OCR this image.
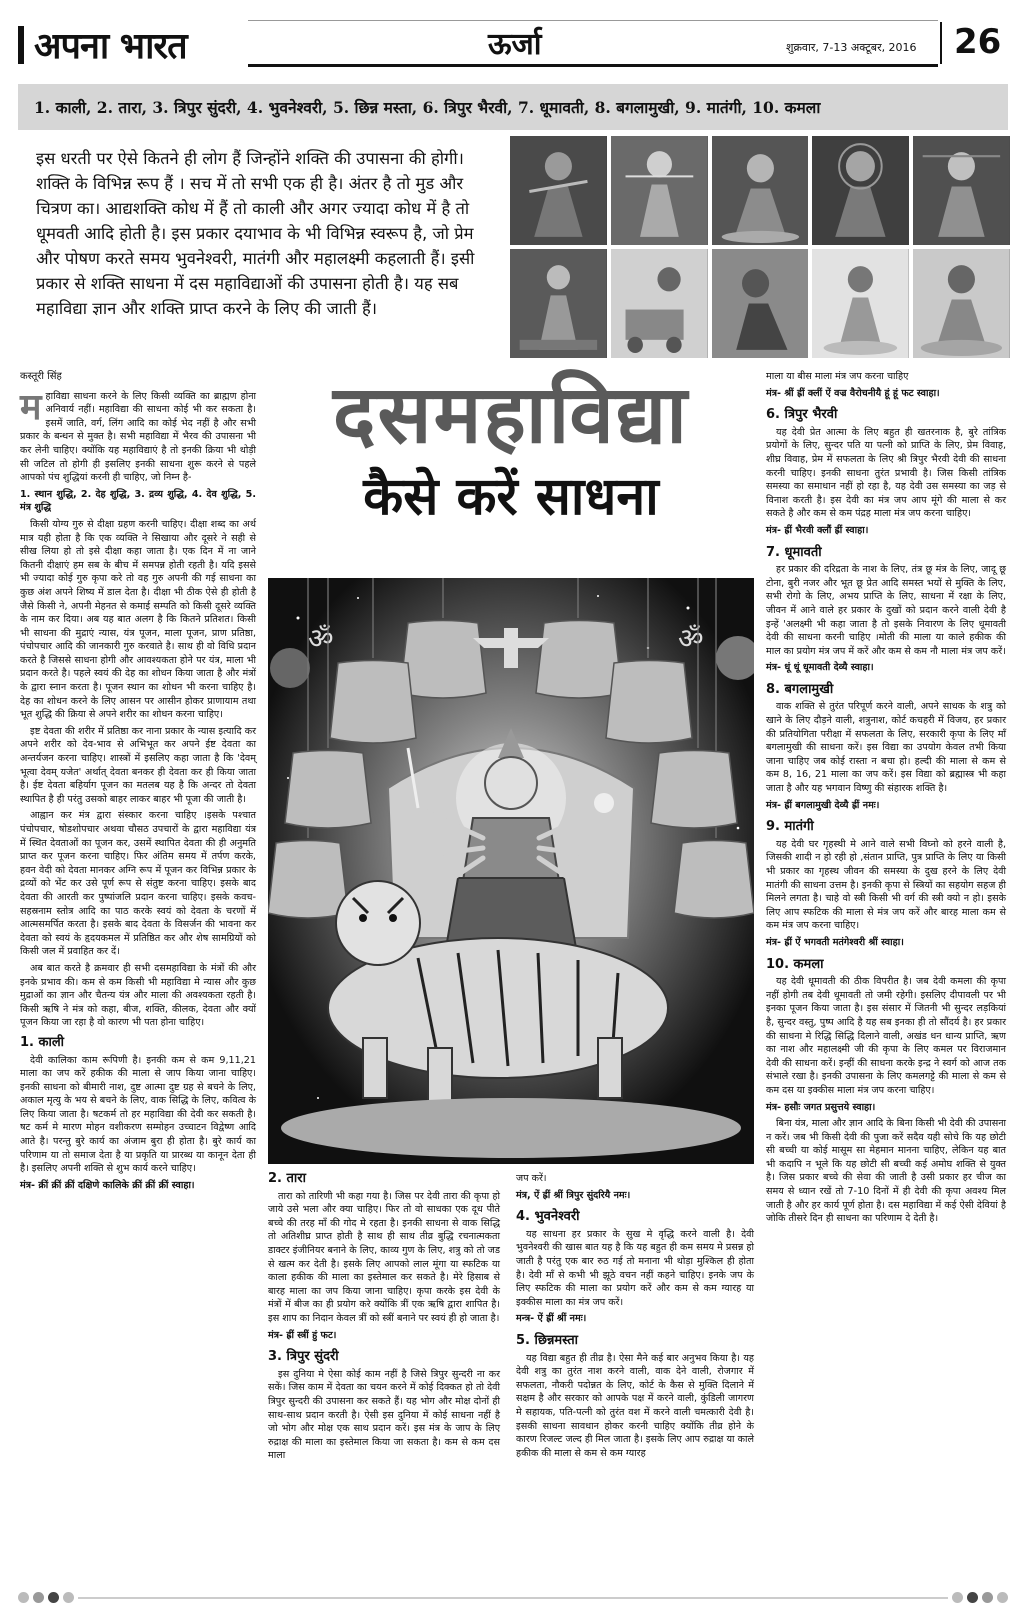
अपना भारत	ऊर्जा	शुक्रवार, 7-13 अक्टूबर, 2016 26
1. काली, 2. तारा, 3. त्रिपुर सुंदरी, 4. भुवनेश्वरी, 5. छिन्न मस्ता, 6. त्रिपुर भैरवी, 7. धूमावती, 8. बगलामुखी, 9. मातंगी, 10. कमला
इस धरती पर ऐसे कितने ही लोग हैं जिन्होंने शक्ति की उपासना की होगी। शक्ति के विभिन्न रूप हैं । सच में तो सभी एक ही है। अंतर है तो मुड और चित्रण का। आद्यशक्ति कोध में हैं तो काली और अगर ज्यादा कोध में है तो धूमवती आदि होती है। इस प्रकार दयाभाव के भी विभिन्न स्वरूप है, जो प्रेम और पोषण करते समय भुवनेश्वरी, मातंगी और महालक्ष्मी कहलाती हैं। इसी प्रकार से शक्ति साधना में दस महाविद्याओं की उपासना होती है। यह सब महाविद्या ज्ञान और शक्ति प्राप्त करने के लिए की जाती हैं।
कस्तूरी सिंह

महाविद्या साधना करने के लिए किसी व्यक्ति का ब्राह्मण होना अनिवार्य नहीं। महाविद्या की साधना कोई भी कर सकता है। इसमें जाति, वर्ग, लिंग आदि का कोई भेद नहीं है और सभी प्रकार के बन्धन से मुक्त है। सभी महाविद्या में भैरव की उपासना भी कर लेनी चाहिए। क्योंकि यह महाविद्याएं है तो इनकी क्रिया भी थोड़ी सी जटिल तो होगी ही इसलिए इनकी साधना शुरू करने से पहले आपको पंच शुद्धियां करनी ही चाहिए, जो निम्न है-

1. स्थान शुद्धि, 2. देह शुद्धि, 3. द्रव्य शुद्धि, 4. देव शुद्धि, 5. मंत्र शुद्धि

किसी योग्य गुरु से दीक्षा ग्रहण करनी चाहिए। दीक्षा शब्द का अर्थ मात्र यही होता है कि एक व्यक्ति ने सिखाया और दूसरे ने सही से सीख लिया हो तो इसे दीक्षा कहा जाता है। एक दिन में ना जाने कितनी दीक्षाएं हम सब के बीच में समपन्न होती रहती है। यदि इससे भी ज्यादा कोई गुरु कृपा करे तो वह गुरु अपनी की गई साधना का कुछ अंश अपने शिष्य में डाल देता है। दीक्षा भी ठीक ऐसे ही होती है जैसे किसी ने, अपनी मेहनत से कमाई सम्पति को किसी दूसरे व्यक्ति के नाम कर दिया। अब यह बात अलग है कि कितने प्रतिशत। किसी भी साधना की मुद्राएं न्यास, यंत्र पूजन, माला पूजन, प्राण प्रतिष्ठा, पंचोपचार आदि की जानकारी गुरु करवाते है। साथ ही वो विधि प्रदान करते है जिससे साधना होगी और आवश्यकता होने पर यंत्र, माला भी प्रदान करते है। पहले स्वयं की देह का शोधन किया जाता है और मंत्रों के द्वारा स्नान करता है। पूजन स्थान का शोधन भी करना चाहिए है। देह का शोधन करने के लिए आसन पर आसीन होकर प्राणायाम तथा भूत शुद्धि की क्रिया से अपने शरीर का शोधन करना चाहिए।

इष्ट देवता की शरीर में प्रतिष्ठा कर नाना प्रकार के न्यास इत्यादि कर अपने शरीर को देव-भाव से अभिभूत कर अपने ईष्ट देवता का अन्तर्यजन करना चाहिए। शास्त्रों में इसलिए कहा जाता है कि 'देवम् भूत्वा देवम् यजेत' अर्थात् देवता बनकर ही देवता कर ही किया जाता है। ईष्ट देवता बहिर्याग पूजन का मतलब यह है कि अन्दर तो देवता स्थापित है ही परंतु उसको बाहर लाकर बाहर भी पूजा की जाती है।

आह्वान कर मंत्र द्वारा संस्कार करना चाहिए ।इसके पश्चात पंचोपचार, षोडशोपचार अथवा चौसठ उपचारों के द्वारा महाविद्या यंत्र में स्थित देवताओं का पूजन कर, उसमें स्थापित देवता की ही अनुमति प्राप्त कर पूजन करना चाहिए। फिर अंतिम समय में तर्पण करके, हवन वेदी को देवता मानकर अग्नि रूप में पूजन कर विभिन्न प्रकार के द्रव्यों को भेंट कर उसे पूर्ण रूप से संतुष्ट करना चाहिए। इसके बाद देवता की आरती कर पुष्पांजलि प्रदान करना चाहिए। इसके कवच-सहस्रनाम स्तोत्र आदि का पाठ करके स्वयं को देवता के चरणों में आत्मसमर्पित करता है। इसके बाद देवता के विसर्जन की भावना कर देवता को स्वयं के हृदयकमल में प्रतिष्ठित कर और शेष सामग्रियों को किसी जल में प्रवाहित कर दें।

अब बात करते है क्रमवार ही सभी दसमहाविद्या के मंत्रों की और इनके प्रभाव की। कम से कम किसी भी महाविद्या मे न्यास और कुछ मुद्राओं का ज्ञान और चैतन्य यंत्र और माला की अवश्यकता रहती है। किसी ऋषि ने मंत्र को कहा, बीज, शक्ति, कीलक, देवता और क्यों पूजन किया जा रहा है वो कारण भी पता होना चाहिए।

1. काली

देवी कालिका काम रूपिणी है। इनकी कम से कम 9,11,21 माला का जप करें हकीक की माला से जाप किया जाना चाहिए। इनकी साधना को बीमारी नाश, दुष्ट आत्मा दुष्ट ग्रह से बचने के लिए, अकाल मृत्यु के भय से बचने के लिए, वाक सिद्धि के लिए, कवित्व के लिए किया जाता है। षटकर्म तो हर महाविद्या की देवी कर सकती है। षट कर्म मे मारण मोहन वशीकरण सम्मोहन उच्चाटन विद्वेष्ण आदि आते है। परन्तु बुरे कार्य का अंजाम बुरा ही होता है। बुरे कार्य का परिणाम या तो समाज देता है या प्रकृति या प्रारब्ध या कानून देता ही है। इसलिए अपनी शक्ति से शुभ कार्य करने चाहिए।

मंत्र- क्रीं क्रीं क्रीं दक्षिणे कालिके क्रीं क्रीं क्रीं स्वाहा।

दसमहाविद्या
कैसे करें साधना
ॐ	ॐ
2. तारा

तारा को तारिणी भी कहा गया है। जिस पर देवी तारा की कृपा हो जाये उसे भला और क्या चाहिए। फिर तो वो साधका एक दूध पीते बच्चे की तरह माँ की गोद मे रहता है। इनकी साधना से वाक सिद्धि तो अतिशीघ्र प्राप्त होती है साथ ही साथ तीव्र बुद्धि रचनात्मकता डाक्टर इंजीनियर बनाने के लिए, काव्य गुण के लिए, शत्रु को तो जड से खत्म कर देती है। इसके लिए आपको लाल मूंगा या स्फटिक या काला हकीक की माला का इस्तेमाल कर सकते है। मेरे हिसाब से बारह माला का जप किया जाना चाहिए। कृपा करके इस देवी के मंत्रों में बीज का ही प्रयोग करे क्योंकि त्रीं एक ऋषि द्वारा शापित है। इस शाप का निदान केवल त्रीं को स्त्रीं बनाने पर स्वयं ही हो जाता है।

मंत्र- ह्रीं स्त्रीं हुं फट।

3. त्रिपुर सुंदरी

इस दुनिया मे ऐसा कोई काम नहीं है जिसे त्रिपुर सुन्दरी ना कर सकें। जिस काम में देवता का चयन करने में कोई दिक्कत हो तो देवी त्रिपुर सुन्दरी की उपासना कर सकते हैं। यह भोग और मोक्ष दोनों ही साथ-साथ प्रदान करती है। ऐसी इस दुनिया में कोई साधना नहीं है जो भोग और मोक्ष एक साथ प्रदान करें। इस मंत्र के जाप के लिए रुद्राक्ष की माला का इस्तेमाल किया जा सकता है। कम से कम दस माला

जप करें।

मंत्र, ऐं ह्रीं श्रीं त्रिपुर सुंदरियै नमः।

4. भुवनेश्वरी

यह साधना हर प्रकार के सुख मे वृद्धि करने वाली है। देवी भुवनेश्वरी की खास बात यह है कि यह बहुत ही कम समय मे प्रसन्न हो जाती है परंतु एक बार रुठ गई तो मनाना भी थोड़ा मुश्किल ही होता है। देवी माँ से कभी भी झूठे वचन नहीं कहने चाहिए। इनके जप के लिए स्फटिक की माला का प्रयोग करें और कम से कम ग्यारह या इक्कीस माला का मंत्र जप करें।

मन्त्र- ऐं ह्रीं श्रीं नमः।

5. छिन्नमस्ता

यह विद्या बहुत ही तीव्र है। ऐसा मैने कई बार अनुभव किया है। यह देवी शत्रु का तुरंत नाश करने वाली, वाक देने वाली, रोजगार में सफलता, नौकरी पदोन्नत के लिए, कोर्ट के कैस से मुक्ति दिलाने में सक्षम है और सरकार को आपके पक्ष में करने वाली, कुंडिली जागरण मे सहायक, पति-पत्नी को तुरंत वश में करने वाली चमत्कारी देवी है। इसकी साधना सावधान होकर करनी चाहिए क्योंकि तीव्र होने के कारण रिजल्ट जल्द ही मिल जाता है। इसके लिए आप रुद्राक्ष या काले हकीक की माला से कम से कम ग्यारह

माला या बीस माला मंत्र जप करना चाहिए

मंत्र- श्रीं ह्रीं क्लीं ऐं वज्र वैरोचनीयै हूं हूं फट स्वाहा।

6. त्रिपुर भैरवी

यह देवी प्रेत आत्मा के लिए बहुत ही खतरनाक है, बुरे तांत्रिक प्रयोगों के लिए, सुन्दर पति या पत्नी को प्राप्ति के लिए, प्रेम विवाह, शीघ्र विवाह, प्रेम में सफलता के लिए श्री त्रिपुर भैरवी देवी की साधना करनी चाहिए। इनकी साधना तुरंत प्रभावी है। जिस किसी तांत्रिक समस्या का समाधान नहीं हो रहा है, यह देवी उस समस्या का जड़ से विनाश करती है। इस देवी का मंत्र जप आप मूंगे की माला से कर सकते है और कम से कम पंद्रह माला मंत्र जप करना चाहिए।

मंत्र- ह्रीं भैरवी क्लौं ह्रीं स्वाहा।

7. धूमावती

हर प्रकार की दरिद्रता के नाश के लिए, तंत्र छू मंत्र के लिए, जादू छू टोना, बुरी नजर और भूत छू प्रेत आदि समस्त भयों से मुक्ति के लिए, सभी रोगो के लिए, अभय प्राप्ति के लिए, साधना में रक्षा के लिए, जीवन में आने वाले हर प्रकार के दुखों को प्रदान करने वाली देवी है इन्हें 'अलक्ष्मी भी कहा जाता है तो इसके निवारण के लिए धूमावती देवी की साधना करनी चाहिए ।मोती की माला या काले हकीक की माल का प्रयोग मंत्र जप में करें और कम से कम नौ माला मंत्र जप करें।

मंत्र- धूं धूं धूमावती देव्यै स्वाहा।

8. बगलामुखी

वाक शक्ति से तुरंत परिपूर्ण करने वाली, अपने साधक के शत्रु को खाने के लिए दौड़ने वाली, शत्रुनाश, कोर्ट कचहरी में विजय, हर प्रकार की प्रतियोगिता परीक्षा में सफलता के लिए, सरकारी कृपा के लिए माँ बगलामुखी की साधना करें। इस विद्या का उपयोग केवल तभी किया जाना चाहिए जब कोई रास्ता न बचा हो। हल्दी की माला से कम से कम 8, 16, 21 माला का जप करें। इस विद्या को ब्रह्मास्त्र भी कहा जाता है और यह भगवान विष्णु की संहारक शक्ति है।

मंत्र- ह्रीं बगलामुखी देव्यै ह्रीं नमः।

9. मातंगी

यह देवी घर गृहस्थी मे आने वाले सभी विघ्नो को हरने वाली है, जिसकी शादी न हो रही हो ,संतान प्राप्ति, पुत्र प्राप्ति के लिए या किसी भी प्रकार का गृहस्थ जीवन की समस्या के दुख हरने के लिए देवी मातंगी की साधना उत्तम है। इनकी कृपा से स्त्रियों का सहयोग सहज ही मिलने लगता है। चाहे वो स्त्री किसी भी वर्ग की स्त्री क्यो न हो। इसके लिए आप स्फटिक की माला से मंत्र जप करें और बारह माला कम से कम मंत्र जप करना चाहिए।

मंत्र- ह्रीं ऐं भगवती मतंगेश्वरी श्रीं स्वाहा।

10. कमला

यह देवी धूमावती की ठीक विपरीत है। जब देवी कमला की कृपा नहीं होगी तब देवी धूमावती तो जमी रहेगी। इसलिए दीपावली पर भी इनका पूजन किया जाता है। इस संसार में जितनी भी सुन्दर लड़कियां है, सुन्दर वस्तु, पुष्प आदि है यह सब इनका ही तो सौंदर्य है। हर प्रकार की साधना मे रिद्धि सिद्धि दिलाने वाली, अखंड धन धान्य प्राप्ति, ऋण का नाश और महालक्ष्मी जी की कृपा के लिए कमल पर विराजमान देवी की साधना करें। इन्हीं की साधना करके इन्द्र ने स्वर्ग को आज तक संभाले रखा है। इनकी उपासना के लिए कमलगट्टे की माला से कम से कम दस या इक्कीस माला मंत्र जप करना चाहिए।

मंत्र- हसौः जगत प्रसुत्तये स्वाहा।

बिना यंत्र, माला और ज्ञान आदि के बिना किसी भी देवी की उपासना न करें। जब भी किसी देवी की पुजा करें सदैव यही सोचे कि यह छोटी सी बच्ची या कोई मासूम सा मेहमान मानना चाहिए, लेकिन यह बात भी कदापि न भूले कि यह छोटी सी बच्ची कई अमोघ शक्ति से युक्त है। जिस प्रकार बच्चे की सेवा की जाती है उसी प्रकार हर चीज का समय से ध्यान रखें तो 7-10 दिनों में ही देवी की कृपा अवश्य मिल जाती है और हर कार्य पूर्ण होता है। दस महाविद्या में कई ऐसी देवियां है जोकि तीसरे दिन ही साधना का परिणाम दे देती है।
